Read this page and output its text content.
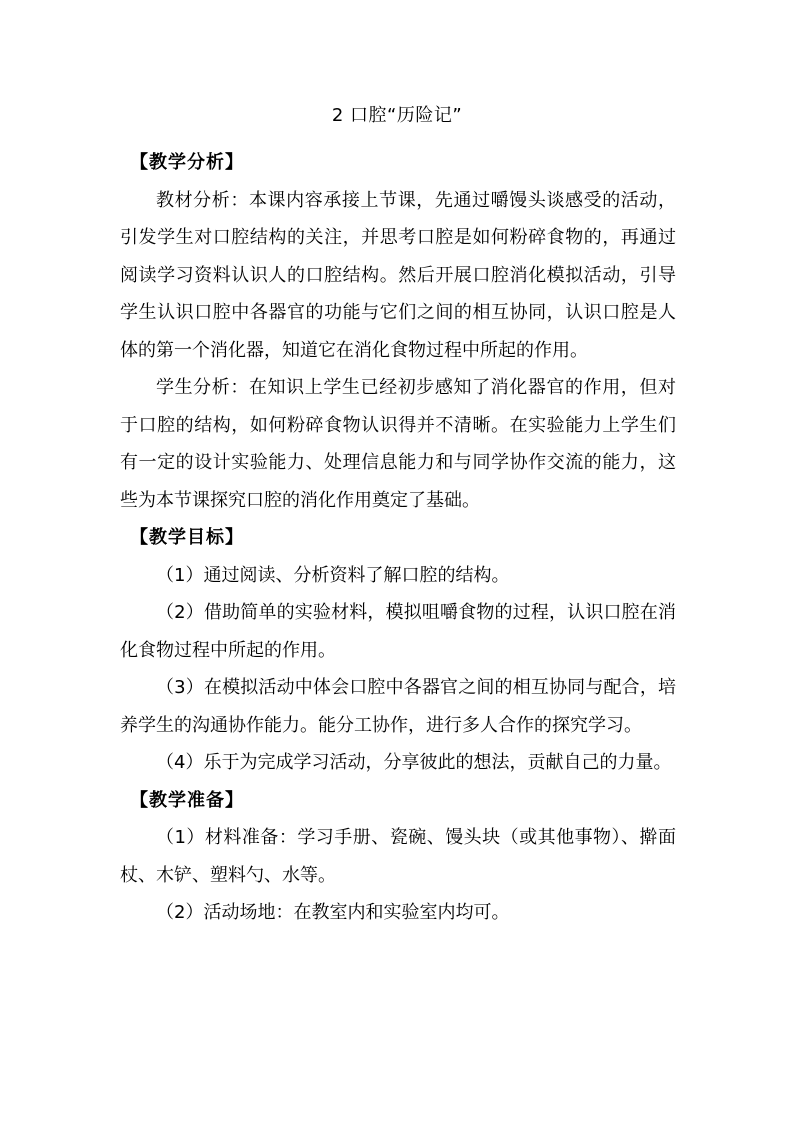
2 口腔“历险记”

【教学分析】

教材分析：本课内容承接上节课，先通过嚼馒头谈感受的活动，引发学生对口腔结构的关注，并思考口腔是如何粉碎食物的，再通过阅读学习资料认识人的口腔结构。然后开展口腔消化模拟活动，引导学生认识口腔中各器官的功能与它们之间的相互协同，认识口腔是人体的第一个消化器，知道它在消化食物过程中所起的作用。

学生分析：在知识上学生已经初步感知了消化器官的作用，但对于口腔的结构，如何粉碎食物认识得并不清晰。在实验能力上学生们有一定的设计实验能力、处理信息能力和与同学协作交流的能力，这些为本节课探究口腔的消化作用奠定了基础。

【教学目标】

（1）通过阅读、分析资料了解口腔的结构。

（2）借助简单的实验材料，模拟咀嚼食物的过程，认识口腔在消化食物过程中所起的作用。

（3）在模拟活动中体会口腔中各器官之间的相互协同与配合，培养学生的沟通协作能力。能分工协作，进行多人合作的探究学习。

（4）乐于为完成学习活动，分享彼此的想法，贡献自己的力量。

【教学准备】

（1）材料准备：学习手册、瓷碗、馒头块（或其他事物）、擀面杖、木铲、塑料勺、水等。

（2）活动场地：在教室内和实验室内均可。
